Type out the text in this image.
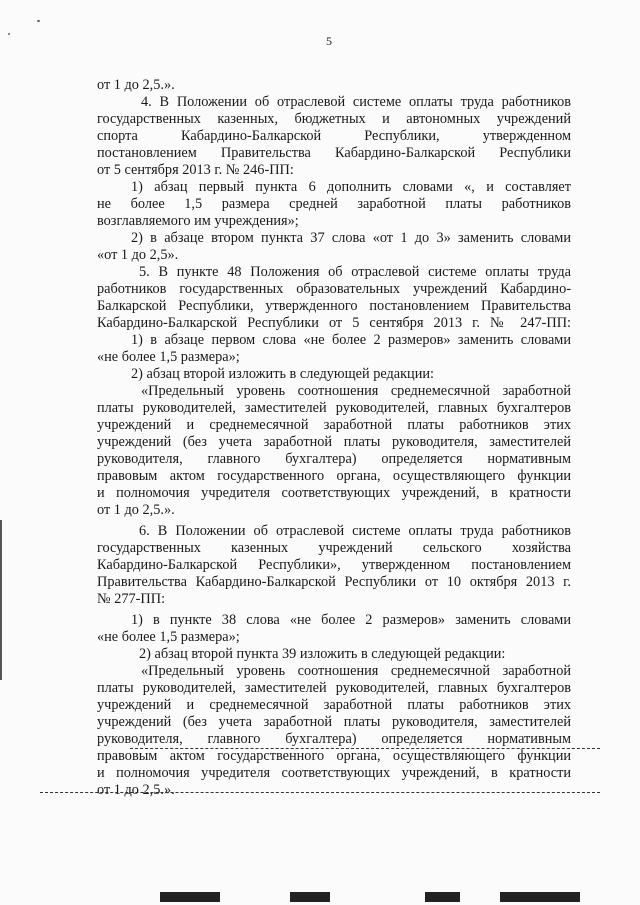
5
от 1 до 2,5.».
4. В Положении об отраслевой системе оплаты труда работников
государственных казенных, бюджетных и автономных учреждений
спорта Кабардино-Балкарской Республики, утвержденном
постановлением Правительства Кабардино-Балкарской Республики
от 5 сентября 2013 г. № 246-ПП:
1) абзац первый пункта 6 дополнить словами «, и составляет
не более 1,5 размера средней заработной платы работников
возглавляемого им учреждения»;
2) в абзаце втором пункта 37 слова «от 1 до 3» заменить словами
«от 1 до 2,5».
5. В пункте 48 Положения об отраслевой системе оплаты труда
работников государственных образовательных учреждений Кабардино-
Балкарской Республики, утвержденного постановлением Правительства
Кабардино-Балкарской Республики от 5 сентября 2013 г. № 247-ПП:
1) в абзаце первом слова «не более 2 размеров» заменить словами
«не более 1,5 размера»;
2) абзац второй изложить в следующей редакции:
«Предельный уровень соотношения среднемесячной заработной
платы руководителей, заместителей руководителей, главных бухгалтеров
учреждений и среднемесячной заработной платы работников этих
учреждений (без учета заработной платы руководителя, заместителей
руководителя, главного бухгалтера) определяется нормативным
правовым актом государственного органа, осуществляющего функции
и полномочия учредителя соответствующих учреждений, в кратности
от 1 до 2,5.».
6. В Положении об отраслевой системе оплаты труда работников
государственных казенных учреждений сельского хозяйства
Кабардино-Балкарской Республики», утвержденном постановлением
Правительства Кабардино-Балкарской Республики от 10 октября 2013 г.
№ 277-ПП:
1) в пункте 38 слова «не более 2 размеров» заменить словами
«не более 1,5 размера»;
2) абзац второй пункта 39 изложить в следующей редакции:
«Предельный уровень соотношения среднемесячной заработной
платы руководителей, заместителей руководителей, главных бухгалтеров
учреждений и среднемесячной заработной платы работников этих
учреждений (без учета заработной платы руководителя, заместителей
руководителя, главного бухгалтера) определяется нормативным
правовым актом государственного органа, осуществляющего функции
и полномочия учредителя соответствующих учреждений, в кратности
от 1 до 2,5.».
